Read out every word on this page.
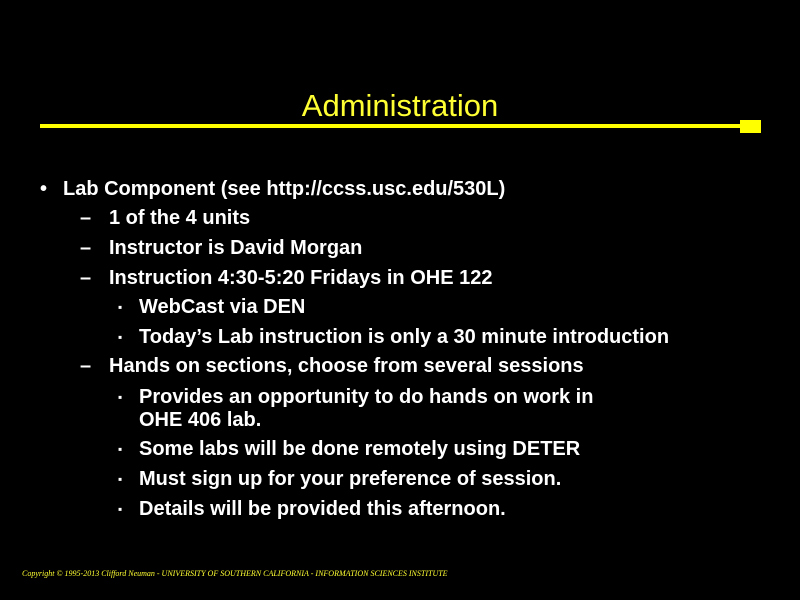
Administration
• Lab Component (see http://ccss.usc.edu/530L)
– 1 of the 4 units
– Instructor is David Morgan
– Instruction 4:30-5:20 Fridays in OHE 122
▪ WebCast via DEN
▪ Today’s Lab instruction is only a 30 minute introduction
– Hands on sections, choose from several sessions
▪ Provides an opportunity to do hands on work in
OHE 406 lab.
▪ Some labs will be done remotely using DETER
▪ Must sign up for your preference of session.
▪ Details will be provided this afternoon.
Copyright © 1995-2013 Clifford Neuman - UNIVERSITY OF SOUTHERN CALIFORNIA - INFORMATION SCIENCES INSTITUTE
